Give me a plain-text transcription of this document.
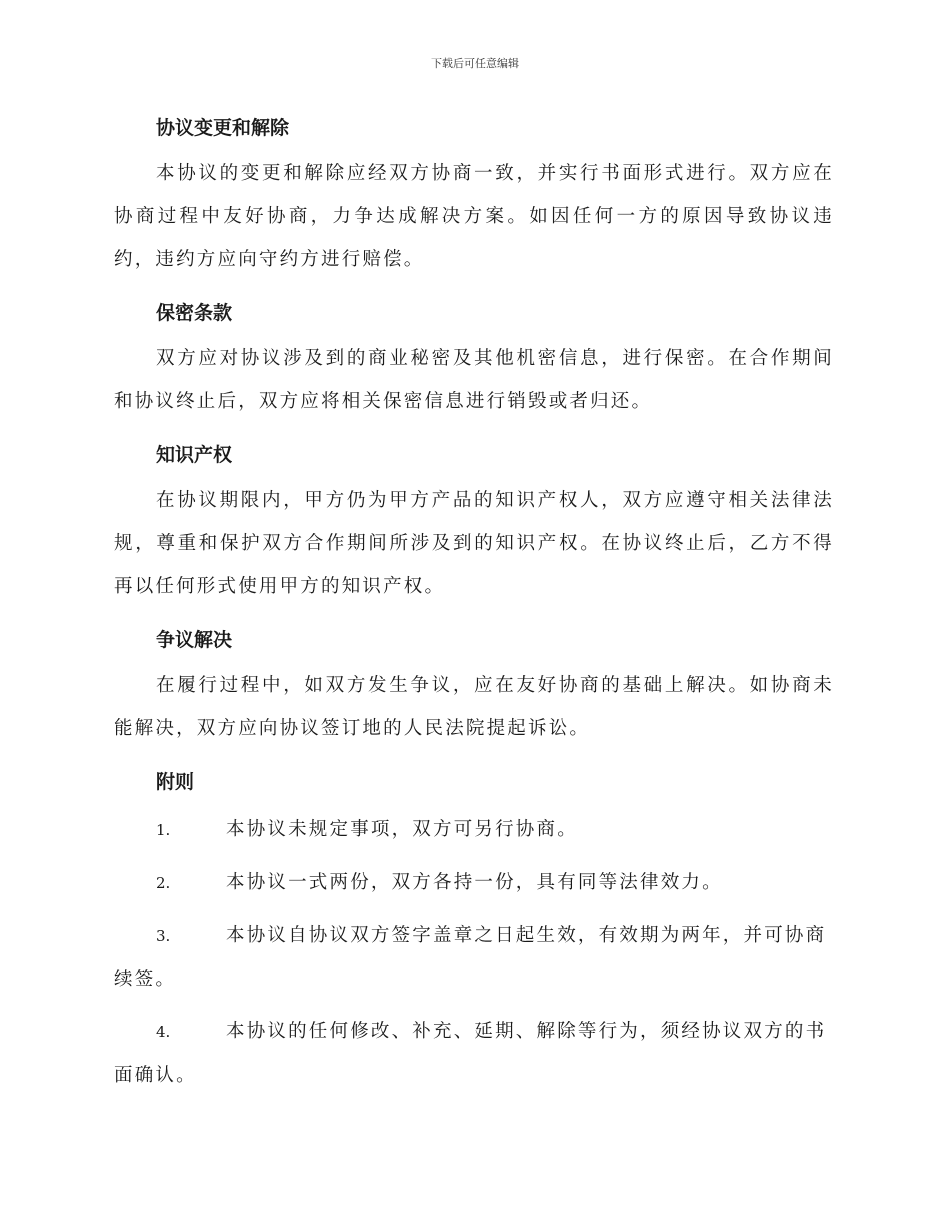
下载后可任意编辑
协议变更和解除

本协议的变更和解除应经双方协商一致，并实行书面形式进行。双方应在协商过程中友好协商，力争达成解决方案。如因任何一方的原因导致协议违约，违约方应向守约方进行赔偿。

保密条款

双方应对协议涉及到的商业秘密及其他机密信息，进行保密。在合作期间和协议终止后，双方应将相关保密信息进行销毁或者归还。

知识产权

在协议期限内，甲方仍为甲方产品的知识产权人，双方应遵守相关法律法规，尊重和保护双方合作期间所涉及到的知识产权。在协议终止后，乙方不得再以任何形式使用甲方的知识产权。

争议解决

在履行过程中，如双方发生争议，应在友好协商的基础上解决。如协商未能解决，双方应向协议签订地的人民法院提起诉讼。

附则
1.	本协议未规定事项，双方可另行协商。
2.	本协议一式两份，双方各持一份，具有同等法律效力。
3.	本协议自协议双方签字盖章之日起生效，有效期为两年，并可协商续签。
4.	本协议的任何修改、补充、延期、解除等行为，须经协议双方的书面确认。
